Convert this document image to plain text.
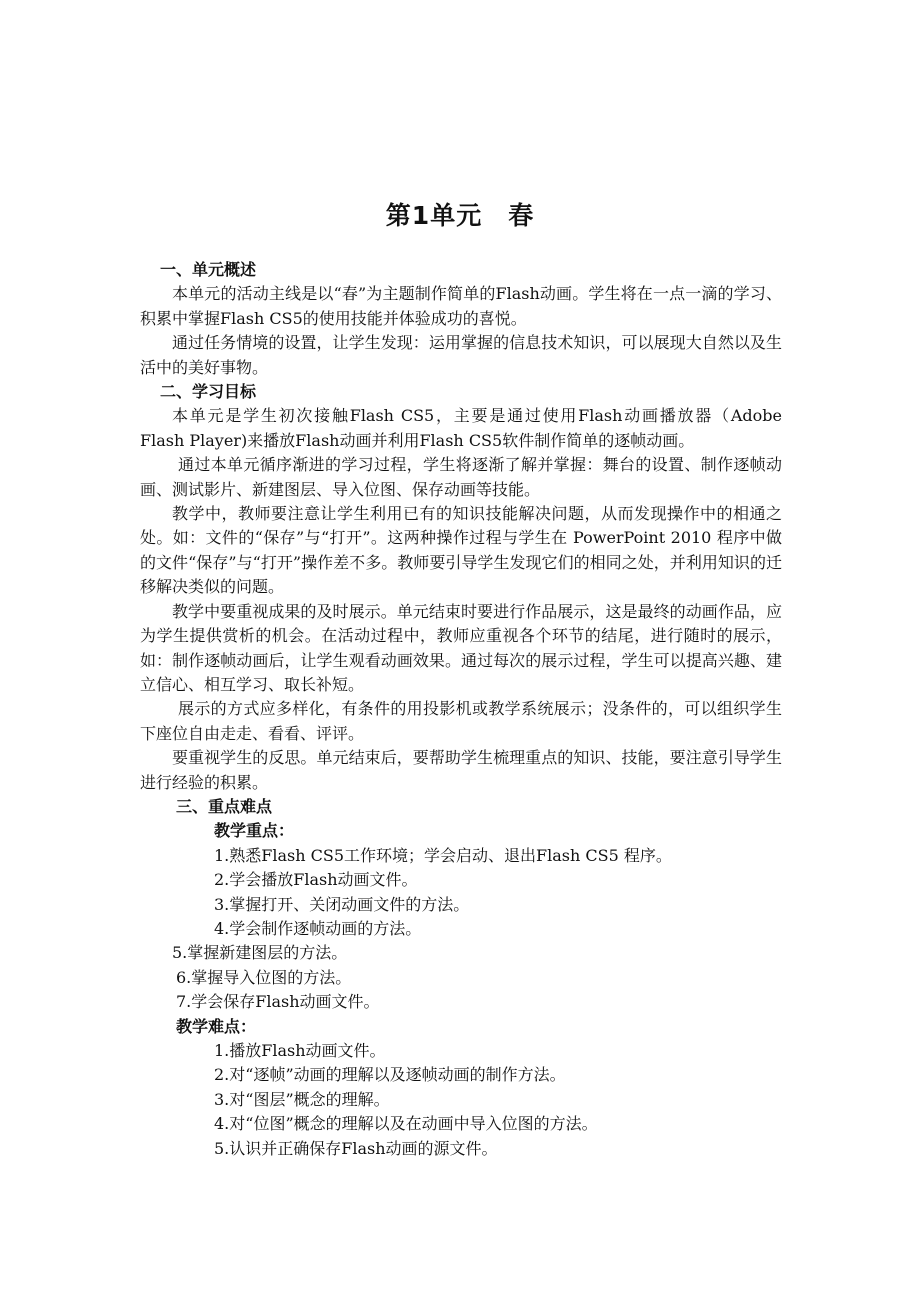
第1单元　春

一、单元概述

本单元的活动主线是以“春”为主题制作简单的Flash动画。学生将在一点一滴的学习、积累中掌握Flash CS5的使用技能并体验成功的喜悦。

通过任务情境的设置，让学生发现：运用掌握的信息技术知识，可以展现大自然以及生活中的美好事物。

二、学习目标

本单元是学生初次接触Flash CS5，主要是通过使用Flash动画播放器（Adobe Flash Player)来播放Flash动画并利用Flash CS5软件制作简单的逐帧动画。

通过本单元循序渐进的学习过程，学生将逐渐了解并掌握：舞台的设置、制作逐帧动画、测试影片、新建图层、导入位图、保存动画等技能。

教学中，教师要注意让学生利用已有的知识技能解决问题，从而发现操作中的相通之处。如：文件的“保存”与“打开”。这两种操作过程与学生在 PowerPoint 2010 程序中做的文件“保存”与“打开”操作差不多。教师要引导学生发现它们的相同之处，并利用知识的迁移解决类似的问题。

教学中要重视成果的及时展示。单元结束时要进行作品展示，这是最终的动画作品，应为学生提供赏析的机会。在活动过程中，教师应重视各个环节的结尾，进行随时的展示，如：制作逐帧动画后，让学生观看动画效果。通过每次的展示过程，学生可以提高兴趣、建立信心、相互学习、取长补短。

展示的方式应多样化，有条件的用投影机或教学系统展示；没条件的，可以组织学生下座位自由走走、看看、评评。

要重视学生的反思。单元结束后，要帮助学生梳理重点的知识、技能，要注意引导学生进行经验的积累。

三、重点难点

教学重点：

1.熟悉Flash CS5工作环境；学会启动、退出Flash CS5 程序。

2.学会播放Flash动画文件。

3.掌握打开、关闭动画文件的方法。

4.学会制作逐帧动画的方法。

5.掌握新建图层的方法。

6.掌握导入位图的方法。

7.学会保存Flash动画文件。

教学难点：

1.播放Flash动画文件。

2.对“逐帧”动画的理解以及逐帧动画的制作方法。

3.对“图层”概念的理解。

4.对“位图”概念的理解以及在动画中导入位图的方法。

5.认识并正确保存Flash动画的源文件。
